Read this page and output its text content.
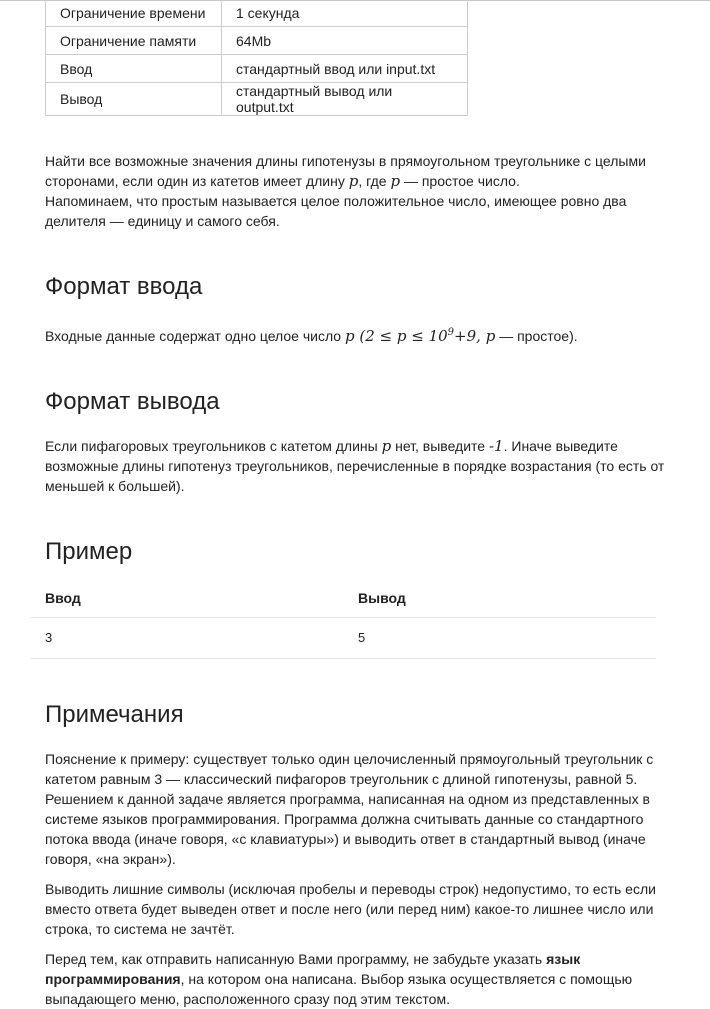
Ограничение времени	1 секунда
Ограничение памяти	64Mb
Ввод	стандартный ввод или input.txt
Вывод	стандартный вывод или output.txt

Найти все возможные значения длины гипотенузы в прямоугольном треугольнике с целыми сторонами, если один из катетов имеет длину p, где p — простое число.
Напоминаем, что простым называется целое положительное число, имеющее ровно два делителя — единицу и самого себя.

Формат ввода

Входные данные содержат одно целое число p ($2 \le p \le 10^9+9$, p — простое).

Формат вывода

Если пифагоровых треугольников с катетом длины p нет, выведите -1. Иначе выведите возможные длины гипотенуз треугольников, перечисленные в порядке возрастания (то есть от меньшей к большей).

Пример
Ввод	Вывод
3	5
Примечания

Пояснение к примеру: существует только один целочисленный прямоугольный треугольник с катетом равным 3 — классический пифагоров треугольник с длиной гипотенузы, равной 5. Решением к данной задаче является программа, написанная на одном из представленных в системе языков программирования. Программа должна считывать данные со стандартного потока ввода (иначе говоря, «с клавиатуры») и выводить ответ в стандартный вывод (иначе говоря, «на экран»).

Выводить лишние символы (исключая пробелы и переводы строк) недопустимо, то есть если вместо ответа будет выведен ответ и после него (или перед ним) какое-то лишнее число или строка, то система не зачтёт.

Перед тем, как отправить написанную Вами программу, не забудьте указать язык программирования, на котором она написана. Выбор языка осуществляется с помощью выпадающего меню, расположенного сразу под этим текстом.
